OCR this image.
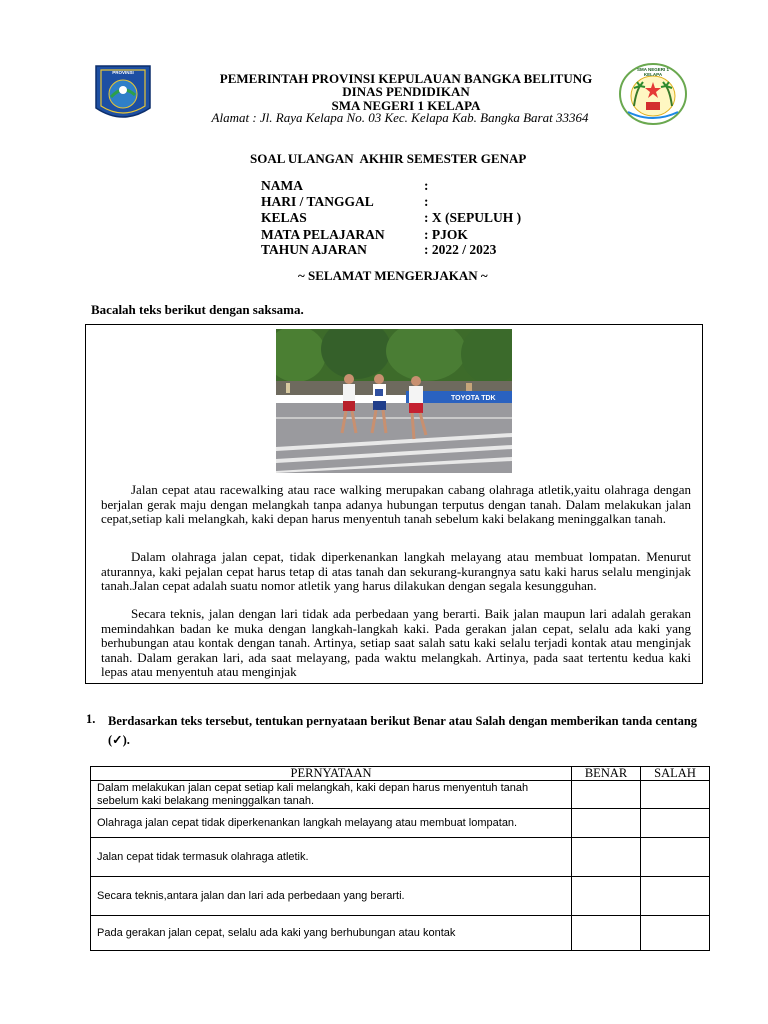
PROVINSI
SMA NEGERI 1 KELAPA
PEMERINTAH PROVINSI KEPULAUAN BANGKA BELITUNG
DINAS PENDIDIKAN
SMA NEGERI 1 KELAPA
Alamat : Jl. Raya Kelapa No. 03 Kec. Kelapa Kab. Bangka Barat 33364
SOAL ULANGAN  AKHIR SEMESTER GENAP
NAMA	:
HARI / TANGGAL	:
KELAS	: X (SEPULUH )
MATA PELAJARAN	: PJOK
TAHUN AJARAN	: 2022 / 2023
~ SELAMAT MENGERJAKAN ~
Bacalah teks berikut dengan saksama.
TOYOTA TDK
Jalan cepat atau racewalking atau race walking merupakan cabang olahraga atletik,yaitu olahraga dengan berjalan gerak maju dengan melangkah tanpa adanya hubungan terputus dengan tanah. Dalam melakukan jalan cepat,setiap kali melangkah, kaki depan harus menyentuh tanah sebelum kaki belakang meninggalkan tanah.
Dalam olahraga jalan cepat, tidak diperkenankan langkah melayang atau membuat lompatan. Menurut aturannya, kaki pejalan cepat harus tetap di atas tanah dan sekurang-kurangnya satu kaki harus selalu menginjak tanah.Jalan cepat adalah suatu nomor atletik yang harus dilakukan dengan segala kesungguhan.
Secara teknis, jalan dengan lari tidak ada perbedaan yang berarti. Baik jalan maupun lari adalah gerakan memindahkan badan ke muka dengan langkah-langkah kaki. Pada gerakan jalan cepat, selalu ada kaki yang berhubungan atau kontak dengan tanah. Artinya, setiap saat salah satu kaki selalu terjadi kontak atau menginjak tanah. Dalam gerakan lari, ada saat melayang, pada waktu melangkah. Artinya, pada saat tertentu kedua kaki lepas atau menyentuh atau menginjak
1. Berdasarkan teks tersebut, tentukan pernyataan berikut Benar atau Salah dengan memberikan tanda centang (✓).
PERNYATAAN	BENAR	SALAH
Dalam melakukan jalan cepat setiap kali melangkah, kaki depan harus menyentuh tanah sebelum kaki belakang meninggalkan tanah.		
Olahraga jalan cepat tidak diperkenankan langkah melayang atau membuat lompatan.		
Jalan cepat tidak termasuk olahraga atletik.		
Secara teknis,antara jalan dan lari ada perbedaan yang berarti.		
Pada gerakan jalan cepat, selalu ada kaki yang berhubungan atau kontak		
